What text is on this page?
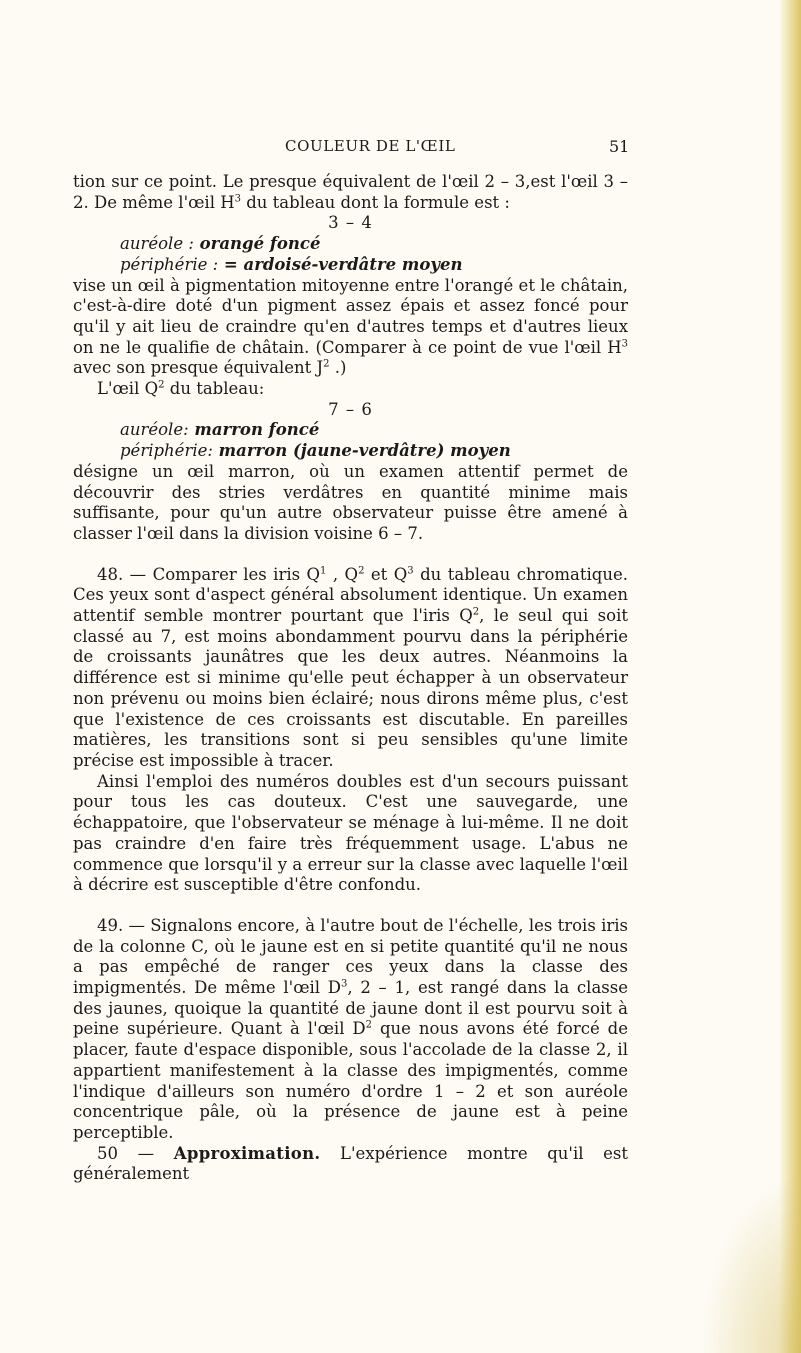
COULEUR DE L'ŒIL	51

tion sur ce point. Le presque équivalent de l'œil 2 – 3,est l'œil 3 – 2. De même l'œil $H^3$ du tableau dont la formule est :

3 – 4

auréole : orangé foncé

périphérie : = ardoisé-verdâtre moyen

vise un œil à pigmentation mitoyenne entre l'orangé et le châtain, c'est-à-dire doté d'un pigment assez épais et assez foncé pour qu'il y ait lieu de craindre qu'en d'autres temps et d'autres lieux on ne le qualifie de châtain. (Comparer à ce point de vue l'œil $H^3$ avec son presque équivalent $J^2$ .)

L'œil $Q^2$ du tableau:

7 – 6

auréole: marron foncé

périphérie: marron (jaune-verdâtre) moyen

désigne un œil marron, où un examen attentif permet de découvrir des stries verdâtres en quantité minime mais suffisante, pour qu'un autre observateur puisse être amené à classer l'œil dans la division voisine 6 – 7.

48. — Comparer les iris $Q^1$ , $Q^2$ et $Q^3$ du tableau chromatique. Ces yeux sont d'aspect général absolument identique. Un examen attentif semble montrer pourtant que l'iris $Q^2$, le seul qui soit classé au 7, est moins abondamment pourvu dans la périphérie de croissants jaunâtres que les deux autres. Néanmoins la différence est si minime qu'elle peut échapper à un observateur non prévenu ou moins bien éclairé; nous dirons même plus, c'est que l'existence de ces croissants est discutable. En pareilles matières, les transitions sont si peu sensibles qu'une limite précise est impossible à tracer.

Ainsi l'emploi des numéros doubles est d'un secours puissant pour tous les cas douteux. C'est une sauvegarde, une échappatoire, que l'observateur se ménage à lui-même. Il ne doit pas craindre d'en faire très fréquemment usage. L'abus ne commence que lorsqu'il y a erreur sur la classe avec laquelle l'œil à décrire est susceptible d'être confondu.

49. — Signalons encore, à l'autre bout de l'échelle, les trois iris de la colonne C, où le jaune est en si petite quantité qu'il ne nous a pas empêché de ranger ces yeux dans la classe des impigmentés. De même l'œil $D^3$, 2 – 1, est rangé dans la classe des jaunes, quoique la quantité de jaune dont il est pourvu soit à peine supérieure. Quant à l'œil $D^2$ que nous avons été forcé de placer, faute d'espace disponible, sous l'accolade de la classe 2, il appartient manifestement à la classe des impigmentés, comme l'indique d'ailleurs son numéro d'ordre 1 – 2 et son auréole concentrique pâle, où la présence de jaune est à peine perceptible.

50 — Approximation. L'expérience montre qu'il est généralement
